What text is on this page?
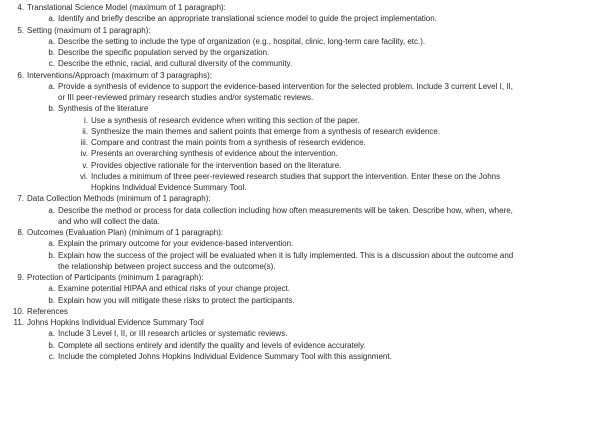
4. Translational Science Model (maximum of 1 paragraph):
a. Identify and briefly describe an appropriate translational science model to guide the project implementation.
5. Setting (maximum of 1 paragraph):
a. Describe the setting to include the type of organization (e.g., hospital, clinic, long-term care facility, etc.).
b. Describe the specific population served by the organization.
c. Describe the ethnic, racial, and cultural diversity of the community.
6. Interventions/Approach (maximum of 3 paragraphs):
a. Provide a synthesis of evidence to support the evidence-based intervention for the selected problem. Include 3 current Level I, II,
or III peer-reviewed primary research studies and/or systematic reviews.
b. Synthesis of the literature
i. Use a synthesis of research evidence when writing this section of the paper.
ii. Synthesize the main themes and salient points that emerge from a synthesis of research evidence.
iii. Compare and contrast the main points from a synthesis of research evidence.
iv. Presents an overarching synthesis of evidence about the intervention.
v. Provides objective rationale for the intervention based on the literature.
vi. Includes a minimum of three peer-reviewed research studies that support the intervention. Enter these on the Johns
Hopkins Individual Evidence Summary Tool.
7. Data Collection Methods (minimum of 1 paragraph):
a. Describe the method or process for data collection including how often measurements will be taken. Describe how, when, where,
and who will collect the data.
8. Outcomes (Evaluation Plan) (minimum of 1 paragraph):
a. Explain the primary outcome for your evidence-based intervention.
b. Explain how the success of the project will be evaluated when it is fully implemented. This is a discussion about the outcome and
the relationship between project success and the outcome(s).
9. Protection of Participants (minimum 1 paragraph):
a. Examine potential HIPAA and ethical risks of your change project.
b. Explain how you will mitigate these risks to protect the participants.
10. References
11. Johns Hopkins Individual Evidence Summary Tool
a. Include 3 Level I, II, or III research articles or systematic reviews.
b. Complete all sections entirely and identify the quality and levels of evidence accurately.
c. Include the completed Johns Hopkins Individual Evidence Summary Tool with this assignment.
